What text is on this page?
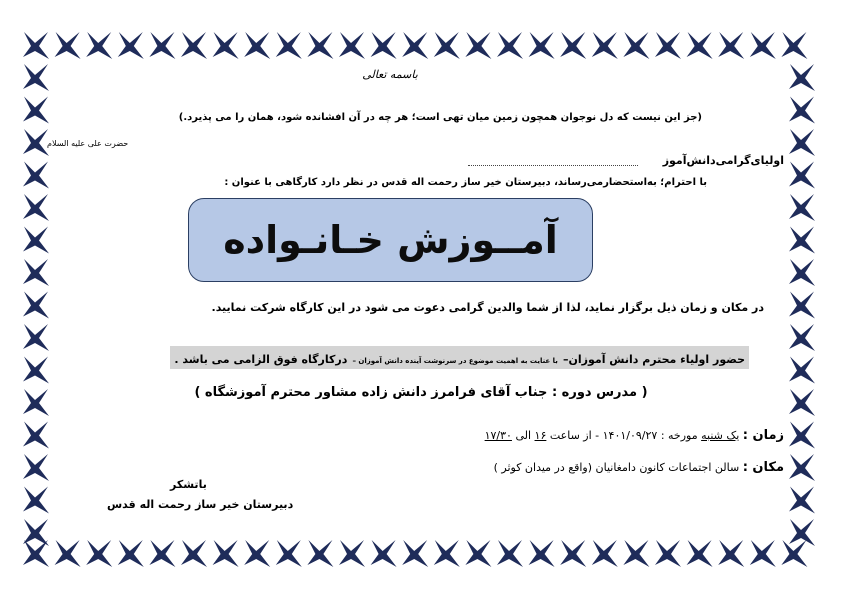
باسمه تعالی
(جز این نیست که دل نوجوان همچون زمین میان تهی است؛ هر چه در آن افشانده شود، همان را می پذیرد.)
حضرت علی علیه السلام
اولیای‌گرامی‌دانش‌آموز
با احترام؛ به‌استحضارمی‌رساند، دبیرستان خیر ساز رحمت اله قدس در نظر دارد کارگاهی با عنوان :
آمــوزش خـانـواده
در مکان و زمان ذیل برگزار نماید، لذا از شما والدین گرامی دعوت می شود در این کارگاه شرکت نمایید.
حضور اولیاء محترم دانش آموزان– با عنایت به اهمیت موضوع در سرنوشت آینده دانش آموزان – درکارگاه فوق الزامی می باشد .
( مدرس دوره : جناب آقای فرامرز دانش زاده مشاور محترم آموزشگاه )
زمان : یک شنبه مورخه : ۱۴۰۱/۰۹/۲۷ - از ساعت ۱۶ الی ۱۷/۳۰
مکان : سالن اجتماعات کانون دامغانیان (واقع در میدان کوثر )
باتشکر
دبیرستان خیر ساز رحمت اله قدس
